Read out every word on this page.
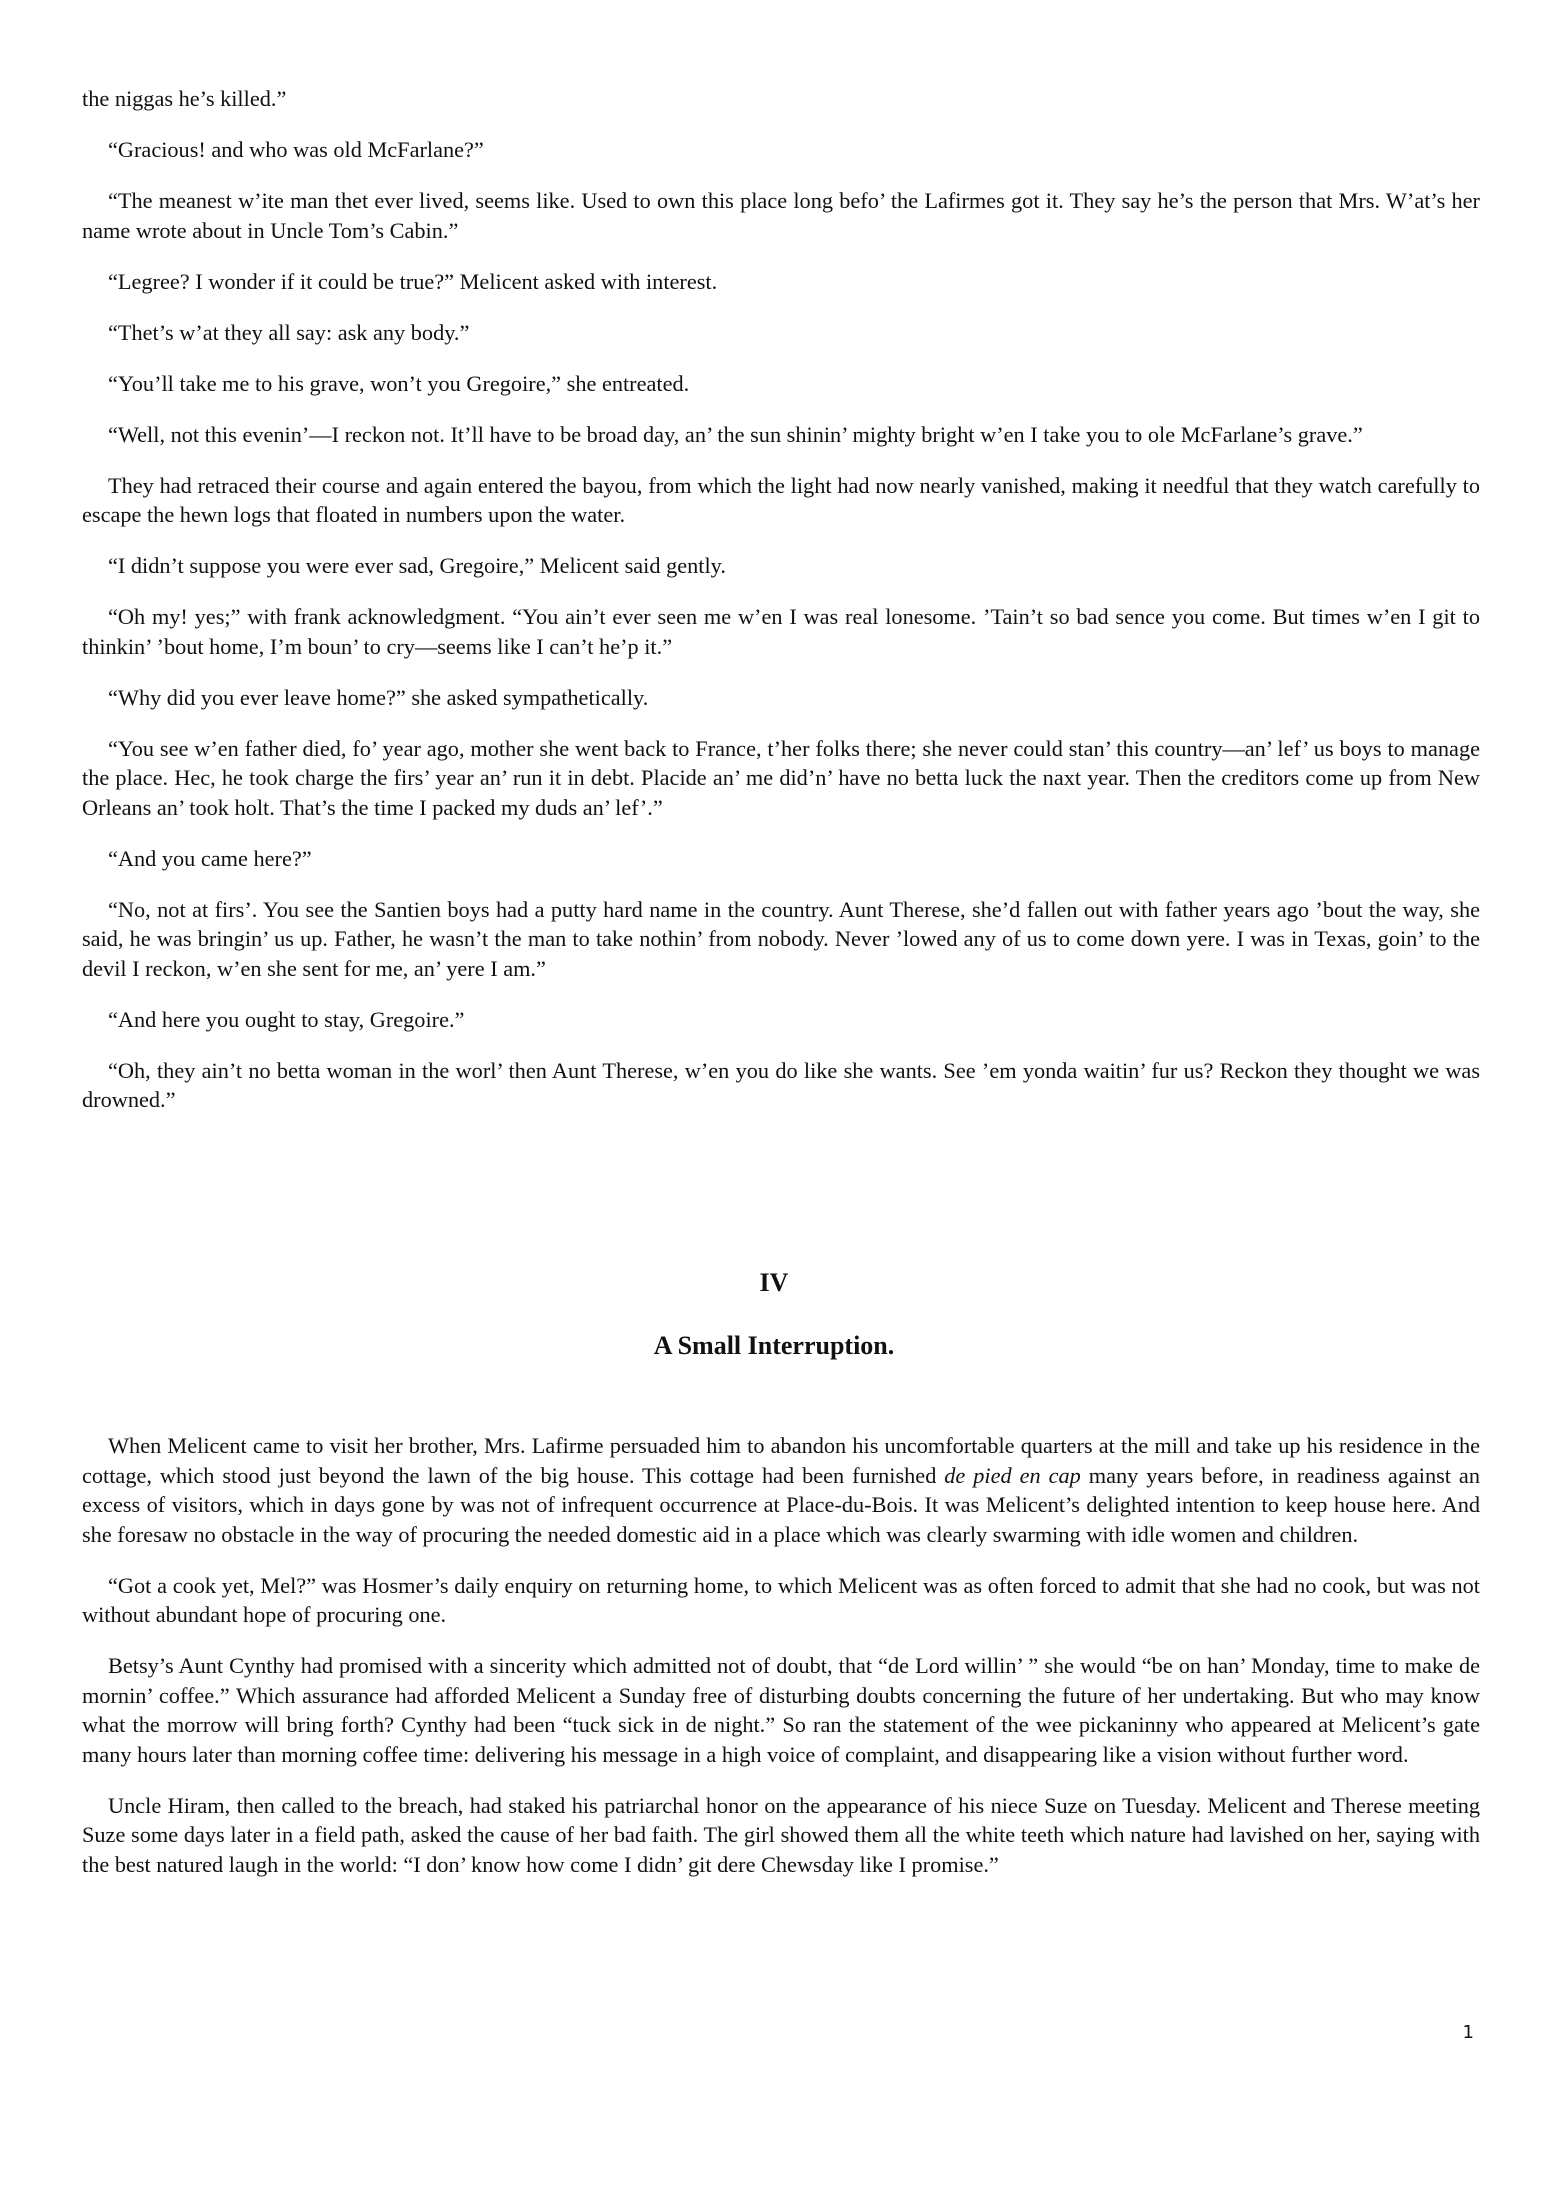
the niggas he’s killed.”

“Gracious! and who was old McFarlane?”

“The meanest w’ite man thet ever lived, seems like. Used to own this place long befo’ the Lafirmes got it. They say he’s the person that Mrs. W’at’s her name wrote about in Uncle Tom’s Cabin.”

“Legree? I wonder if it could be true?” Melicent asked with interest.

“Thet’s w’at they all say: ask any body.”

“You’ll take me to his grave, won’t you Gregoire,” she entreated.

“Well, not this evenin’—I reckon not. It’ll have to be broad day, an’ the sun shinin’ mighty bright w’en I take you to ole McFarlane’s grave.”

They had retraced their course and again entered the bayou, from which the light had now nearly vanished, making it needful that they watch carefully to escape the hewn logs that floated in numbers upon the water.

“I didn’t suppose you were ever sad, Gregoire,” Melicent said gently.

“Oh my! yes;” with frank acknowledgment. “You ain’t ever seen me w’en I was real lonesome. ’Tain’t so bad sence you come. But times w’en I git to thinkin’ ’bout home, I’m boun’ to cry—seems like I can’t he’p it.”

“Why did you ever leave home?” she asked sympathetically.

“You see w’en father died, fo’ year ago, mother she went back to France, t’her folks there; she never could stan’ this country—an’ lef’ us boys to manage the place. Hec, he took charge the firs’ year an’ run it in debt. Placide an’ me did’n’ have no betta luck the naxt year. Then the creditors come up from New Orleans an’ took holt. That’s the time I packed my duds an’ lef’.”

“And you came here?”

“No, not at firs’. You see the Santien boys had a putty hard name in the country. Aunt Therese, she’d fallen out with father years ago ’bout the way, she said, he was bringin’ us up. Father, he wasn’t the man to take nothin’ from nobody. Never ’lowed any of us to come down yere. I was in Texas, goin’ to the devil I reckon, w’en she sent for me, an’ yere I am.”

“And here you ought to stay, Gregoire.”

“Oh, they ain’t no betta woman in the worl’ then Aunt Therese, w’en you do like she wants. See ’em yonda waitin’ fur us? Reckon they thought we was drowned.”

IV
A Small Interruption.

When Melicent came to visit her brother, Mrs. Lafirme persuaded him to abandon his uncomfortable quarters at the mill and take up his residence in the cottage, which stood just beyond the lawn of the big house. This cottage had been furnished de pied en cap many years before, in readiness against an excess of visitors, which in days gone by was not of infrequent occurrence at Place-du-Bois. It was Melicent’s delighted intention to keep house here. And she foresaw no obstacle in the way of procuring the needed domestic aid in a place which was clearly swarming with idle women and children.

“Got a cook yet, Mel?” was Hosmer’s daily enquiry on returning home, to which Melicent was as often forced to admit that she had no cook, but was not without abundant hope of procuring one.

Betsy’s Aunt Cynthy had promised with a sincerity which admitted not of doubt, that “de Lord willin’ ” she would “be on han’ Monday, time to make de mornin’ coffee.” Which assurance had afforded Melicent a Sunday free of disturbing doubts concerning the future of her undertaking. But who may know what the morrow will bring forth? Cynthy had been “tuck sick in de night.” So ran the statement of the wee pickaninny who appeared at Melicent’s gate many hours later than morning coffee time: delivering his message in a high voice of complaint, and disappearing like a vision without further word.

Uncle Hiram, then called to the breach, had staked his patriarchal honor on the appearance of his niece Suze on Tuesday. Melicent and Therese meeting Suze some days later in a field path, asked the cause of her bad faith. The girl showed them all the white teeth which nature had lavished on her, saying with the best natured laugh in the world: “I don’ know how come I didn’ git dere Chewsday like I promise.”

1
